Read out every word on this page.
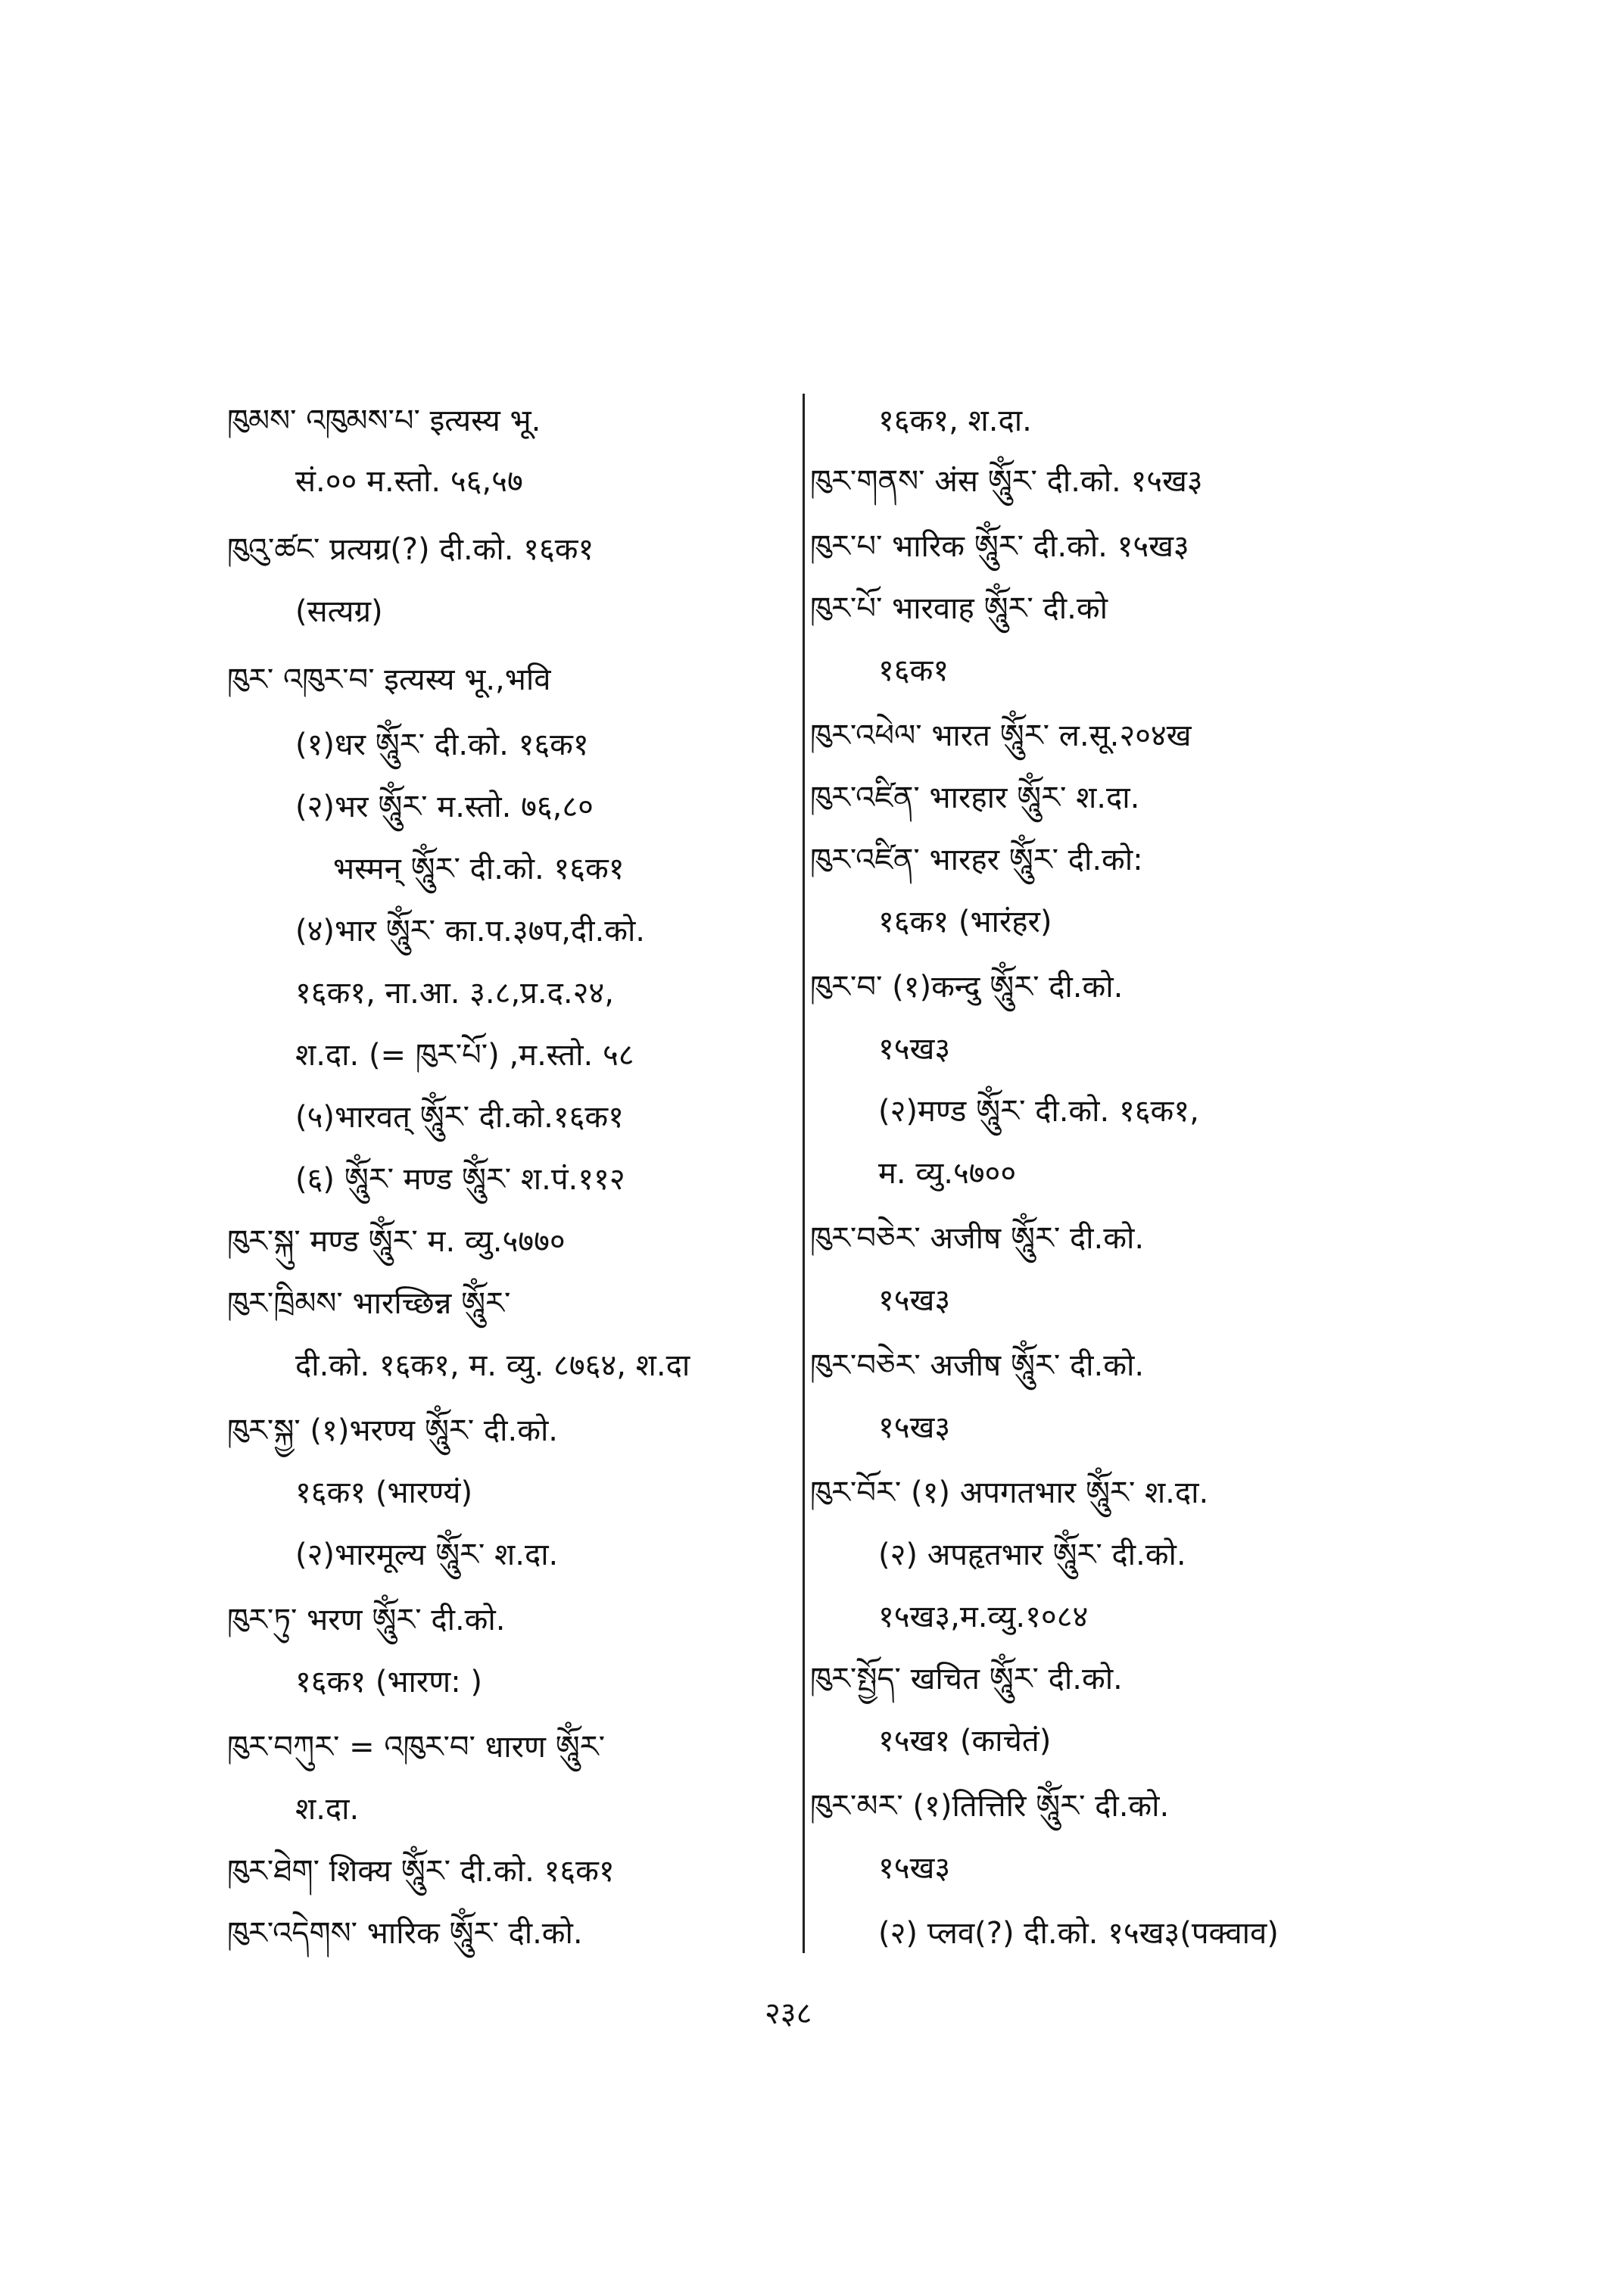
ཁུམས་ འཁུམས་པ་ इत्यस्य भू.
सं.०० म.स्तो. ५६,५७
ཁུའུ་ཚང་ प्रत्यग्र(?) दी.को. १६क१
(सत्यग्र)
ཁུར་ འཁུར་བ་ इत्यस्य भू.,भवि
(१)धर ༀཱུར་ दी.को. १६क१
(२)भर ༀཱུར་ म.स्तो. ७६,८०
भस्मन् ༀཱུར་ दी.को. १६क१
(४)भार ༀཱུར་ का.प.३७प,दी.को.
१६क१, ना.आ. ३.८,प्र.द.२४,
श.दा. (= ཁུར་པོ་) ,म.स्तो. ५८
(५)भारवत् ༀཱུར་ दी.को.१६क१
(६) ༀཱུར་ मण्ड ༀཱུར་ श.पं.११२
ཁུར་སྐུ་ मण्ड ༀཱུར་ म. व्यु.५७७०
ཁུར་ཁྲིམས་ भारच्छिन्न ༀཱུར་
दी.को. १६क१, म. व्यु. ८७६४, श.दा
ཁུར་སྐྱ་ (१)भरण्य ༀཱུར་ दी.को.
१६क१ (भारण्यं)
(२)भारमूल्य ༀཱུར་ श.दा.
ཁུར་ཏུ་ भरण ༀཱུར་ दी.को.
१६क१ (भारण: )
ཁུར་བཀུར་ = འཁུར་བ་ धारण ༀཱུར་
श.दा.
ཁུར་ཐེག་ शिक्य ༀཱུར་ दी.को. १६क१
ཁུར་འདེགས་ भारिक ༀཱུར་ दी.को.
१६क१, श.दा.
ཁུར་གནས་ अंस ༀཱུར་ दी.को. १५ख३
ཁུར་པ་ भारिक ༀཱུར་ दी.को. १५ख३
ཁུར་པོ་ भारवाह ༀཱུར་ दी.को
१६क१
ཁུར་འཕེལ་ भारत ༀཱུར་ ल.सू.२०४ख
ཁུར་འཛིན་ भारहार ༀཱུར་ श.दा.
ཁུར་འཛིན་ भारहर ༀཱུར་ दी.को:
१६क१ (भारंहर)
ཁུར་བ་ (१)कन्दु ༀཱུར་ दी.को.
१५ख३
(२)मण्ड ༀཱུར་ दी.को. १६क१,
म. व्यु.५७००
ཁུར་བཅེར་ अजीष ༀཱུར་ दी.को.
१५ख३
ཁུར་བཅེར་ अजीष ༀཱུར་ दी.को.
१५ख३
ཁུར་བོར་ (१) अपगतभार ༀཱུར་ श.दा.
(२) अपहृतभार ༀཱུར་ दी.को.
१५ख३,म.व्यु.१०८४
ཁུར་སྤྱོད་ खचित ༀཱུར་ दी.को.
१५ख१ (काचेतं)
ཁུར་མར་ (१)तित्तिरि ༀཱུར་ दी.को.
१५ख३
(२) प्लव(?) दी.को. १५ख३(पक्वाव)
२३८
